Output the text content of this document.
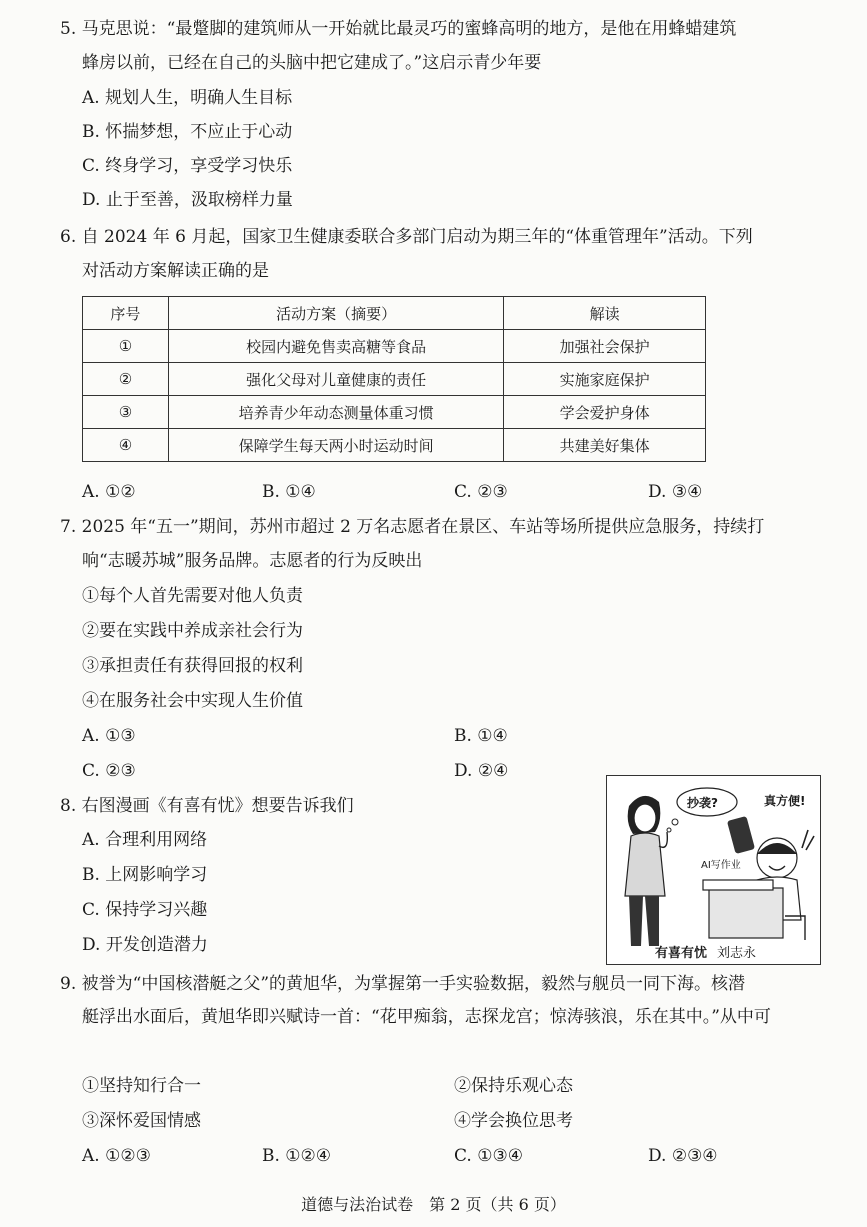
5. 马克思说：“最蹩脚的建筑师从一开始就比最灵巧的蜜蜂高明的地方，是他在用蜂蜡建筑
蜂房以前，已经在自己的头脑中把它建成了。”这启示青少年要
A. 规划人生，明确人生目标
B. 怀揣梦想，不应止于心动
C. 终身学习，享受学习快乐
D. 止于至善，汲取榜样力量
6. 自 2024 年 6 月起，国家卫生健康委联合多部门启动为期三年的“体重管理年”活动。下列
对活动方案解读正确的是
序号	活动方案（摘要）	解读
①	校园内避免售卖高糖等食品	加强社会保护
②	强化父母对儿童健康的责任	实施家庭保护
③	培养青少年动态测量体重习惯	学会爱护身体
④	保障学生每天两小时运动时间	共建美好集体
A. ①②	B. ①④	C. ②③	D. ③④
7. 2025 年“五一”期间，苏州市超过 2 万名志愿者在景区、车站等场所提供应急服务，持续打
响“志暖苏城”服务品牌。志愿者的行为反映出
①每个人首先需要对他人负责
②要在实践中养成亲社会行为
③承担责任有获得回报的权利
④在服务社会中实现人生价值
A. ①③	B. ①④
C. ②③	D. ②④
8. 右图漫画《有喜有忧》想要告诉我们
A. 合理利用网络
B. 上网影响学习
C. 保持学习兴趣
D. 开发创造潜力
抄袭?	真方便!
AI写作业
有喜有忧 刘志永
9. 被誉为“中国核潜艇之父”的黄旭华，为掌握第一手实验数据，毅然与舰员一同下海。核潜
艇浮出水面后，黄旭华即兴赋诗一首：“花甲痴翁，志探龙宫；惊涛骇浪，乐在其中。”从中可
①坚持知行合一	②保持乐观心态
③深怀爱国情感	④学会换位思考
A. ①②③	B. ①②④	C. ①③④	D. ②③④
道德与法治试卷　第 2 页（共 6 页）
